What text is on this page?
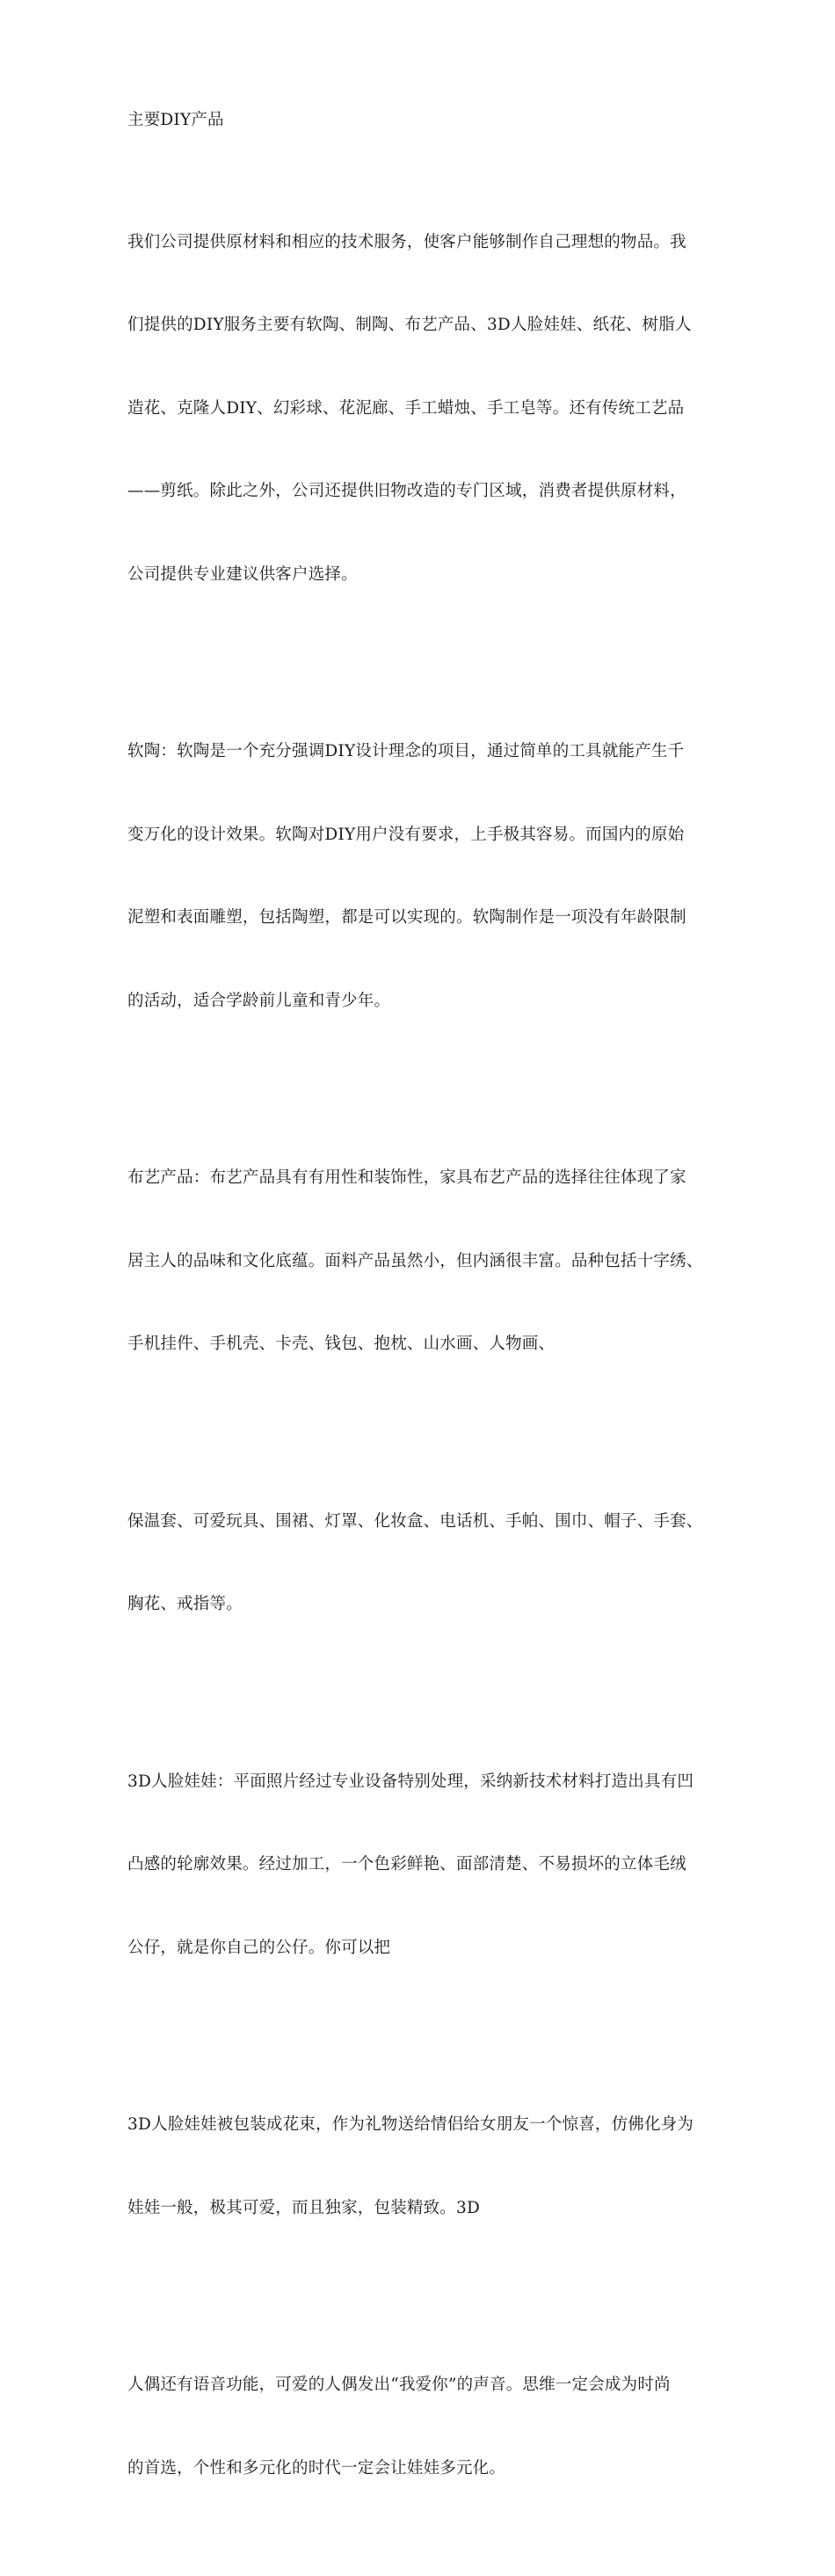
主要DIY产品

我们公司提供原材料和相应的技术服务，使客户能够制作自己理想的物品。我

们提供的DIY服务主要有软陶、制陶、布艺产品、3D人脸娃娃、纸花、树脂人

造花、克隆人DIY、幻彩球、花泥廊、手工蜡烛、手工皂等。还有传统工艺品

——剪纸。除此之外，公司还提供旧物改造的专门区域，消费者提供原材料，

公司提供专业建议供客户选择。

软陶：软陶是一个充分强调DIY设计理念的项目，通过简单的工具就能产生千

变万化的设计效果。软陶对DIY用户没有要求，上手极其容易。而国内的原始

泥塑和表面雕塑，包括陶塑，都是可以实现的。软陶制作是一项没有年龄限制

的活动，适合学龄前儿童和青少年。

布艺产品：布艺产品具有有用性和装饰性，家具布艺产品的选择往往体现了家

居主人的品味和文化底蕴。面料产品虽然小，但内涵很丰富。品种包括十字绣、

手机挂件、手机壳、卡壳、钱包、抱枕、山水画、人物画、

保温套、可爱玩具、围裙、灯罩、化妆盒、电话机、手帕、围巾、帽子、手套、

胸花、戒指等。

3D人脸娃娃：平面照片经过专业设备特别处理，采纳新技术材料打造出具有凹

凸感的轮廓效果。经过加工，一个色彩鲜艳、面部清楚、不易损坏的立体毛绒

公仔，就是你自己的公仔。你可以把

3D人脸娃娃被包装成花束，作为礼物送给情侣给女朋友一个惊喜，仿佛化身为

娃娃一般，极其可爱，而且独家，包装精致。3D

人偶还有语音功能，可爱的人偶发出“我爱你”的声音。思维一定会成为时尚

的首选，个性和多元化的时代一定会让娃娃多元化。
